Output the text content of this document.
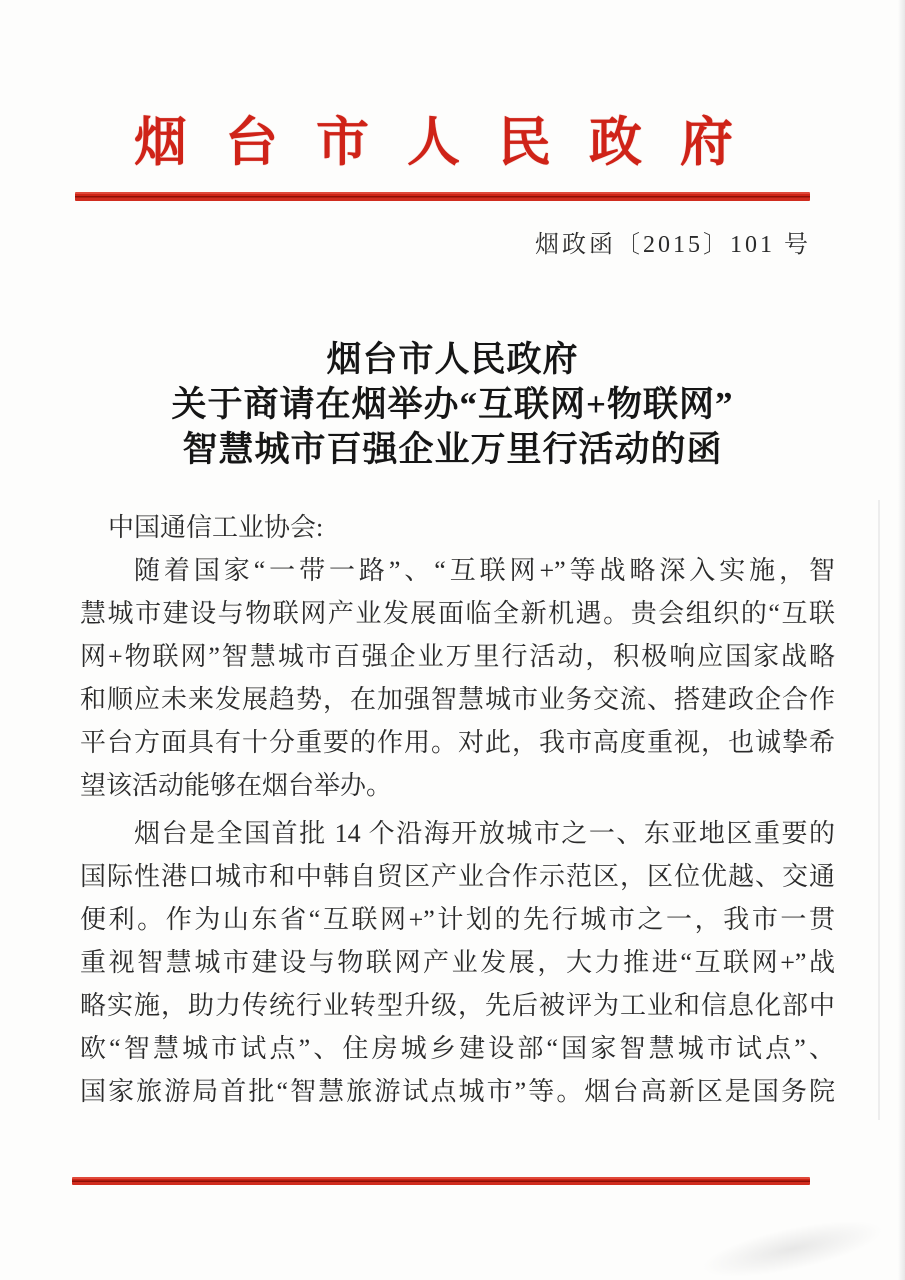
烟台市人民政府
烟政函〔2015〕101 号
烟台市人民政府
关于商请在烟举办“互联网+物联网”
智慧城市百强企业万里行活动的函
中国通信工业协会:
随着国家“一带一路”、“互联网+”等战略深入实施，智
慧城市建设与物联网产业发展面临全新机遇。贵会组织的“互联
网+物联网”智慧城市百强企业万里行活动，积极响应国家战略
和顺应未来发展趋势，在加强智慧城市业务交流、搭建政企合作
平台方面具有十分重要的作用。对此，我市高度重视，也诚挚希
望该活动能够在烟台举办。
烟台是全国首批 14 个沿海开放城市之一、东亚地区重要的
国际性港口城市和中韩自贸区产业合作示范区，区位优越、交通
便利。作为山东省“互联网+”计划的先行城市之一，我市一贯
重视智慧城市建设与物联网产业发展，大力推进“互联网+”战
略实施，助力传统行业转型升级，先后被评为工业和信息化部中
欧“智慧城市试点”、住房城乡建设部“国家智慧城市试点”、
国家旅游局首批“智慧旅游试点城市”等。烟台高新区是国务院
